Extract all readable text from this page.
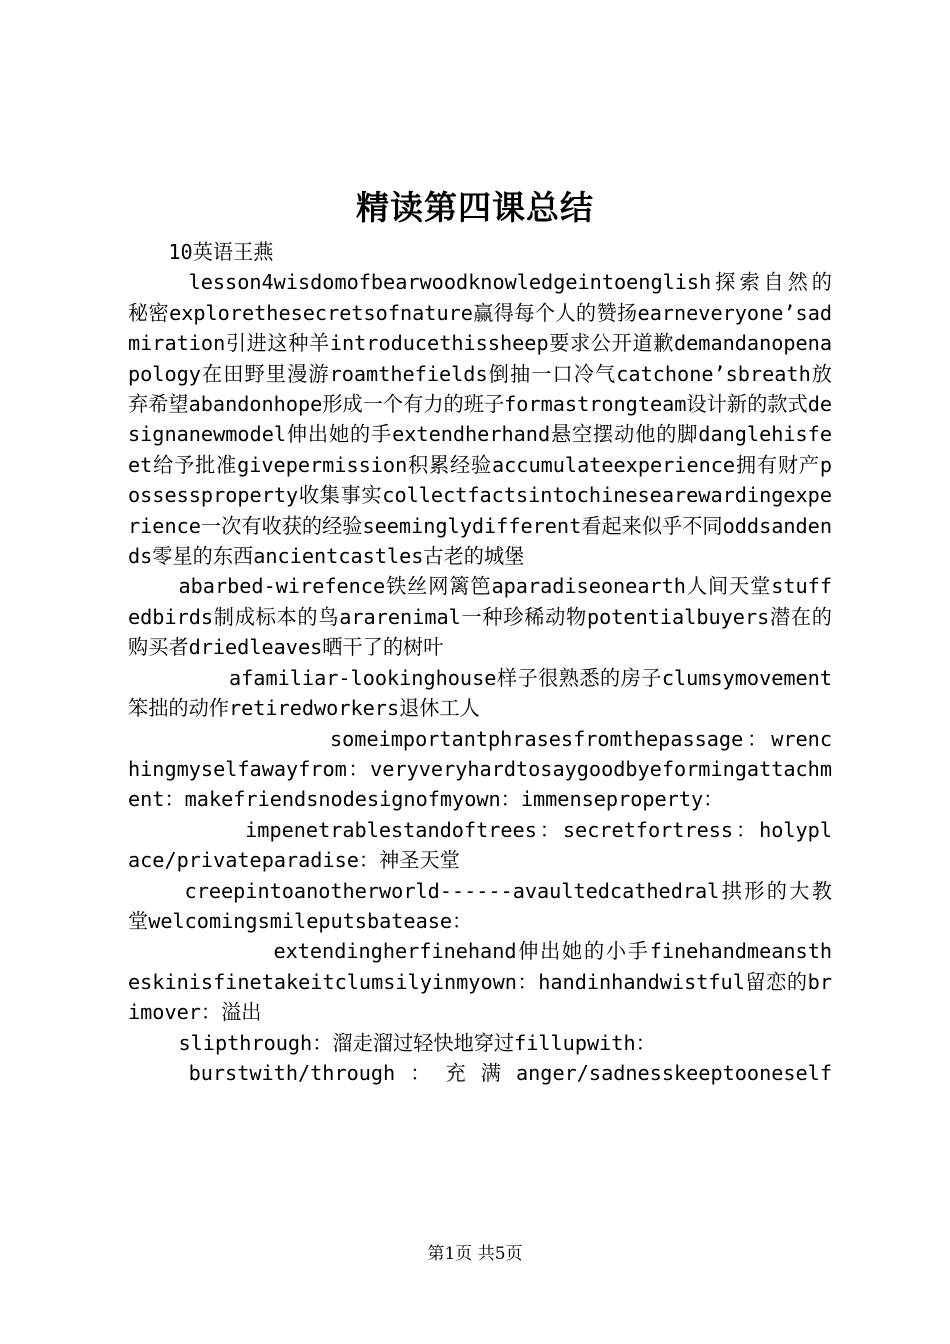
精读第四课总结

10英语王燕

lesson4wisdomofbearwoodknowledgeintoenglish探索自然的秘密explorethesecretsofnature赢得每个人的赞扬earneveryone’sadmiration引进这种羊introducethissheep要求公开道歉demandanopenapology在田野里漫游roamthefields倒抽一口冷气catchone’sbreath放弃希望abandonhope形成一个有力的班子formastrongteam设计新的款式designanewmodel伸出她的手extendherhand悬空摆动他的脚danglehisfeet给予批准givepermission积累经验accumulateexperience拥有财产possessproperty收集事实collectfactsintochinesearewardingexperience一次有收获的经验seeminglydifferent看起来似乎不同oddsandends零星的东西ancientcastles古老的城堡

abarbed-wirefence铁丝网篱笆aparadiseonearth人间天堂stuffedbirds制成标本的鸟ararenimal一种珍稀动物potentialbuyers潜在的购买者driedleaves晒干了的树叶

afamiliar-lookinghouse样子很熟悉的房子clumsymovement笨拙的动作retiredworkers退休工人

someimportantphrasesfromthepassage：wrenchingmyselfawayfrom：veryveryhardtosaygoodbyeformingattachment：makefriendsnodesignofmyown：immenseproperty：

impenetrablestandoftrees：secretfortress：holyplace/privateparadise：神圣天堂

creepintoanotherworld------avaultedcathedral拱形的大教堂welcomingsmileputsbatease：

extendingherfinehand伸出她的小手finehandmeanstheskinisfinetakeitclumsilyinmyown：handinhandwistful留恋的brimover：溢出

slipthrough：溜走溜过轻快地穿过fillupwith：

burstwith/through：充满anger/sadnesskeeptooneself

第1页 共5页
